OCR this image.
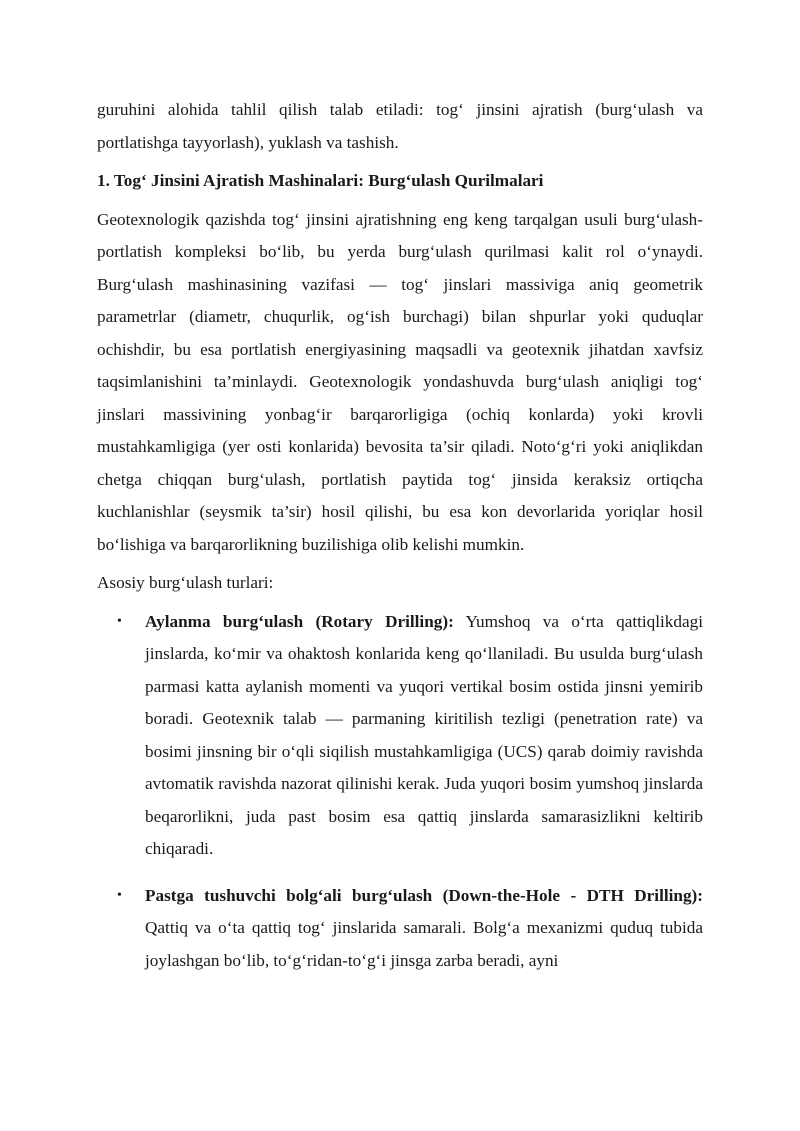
guruhini alohida tahlil qilish talab etiladi: tog‘ jinsini ajratish (burg‘ulash va portlatishga tayyorlash), yuklash va tashish.

1. Tog‘ Jinsini Ajratish Mashinalari: Burg‘ulash Qurilmalari

Geotexnologik qazishda tog‘ jinsini ajratishning eng keng tarqalgan usuli burg‘ulash-portlatish kompleksi bo‘lib, bu yerda burg‘ulash qurilmasi kalit rol o‘ynaydi. Burg‘ulash mashinasining vazifasi — tog‘ jinslari massiviga aniq geometrik parametrlar (diametr, chuqurlik, og‘ish burchagi) bilan shpurlar yoki quduqlar ochishdir, bu esa portlatish energiyasining maqsadli va geotexnik jihatdan xavfsiz taqsimlanishini ta’minlaydi. Geotexnologik yondashuvda burg‘ulash aniqligi tog‘ jinslari massivining yonbag‘ir barqarorligiga (ochiq konlarda) yoki krovli mustahkamligiga (yer osti konlarida) bevosita ta’sir qiladi. Noto‘g‘ri yoki aniqlikdan chetga chiqqan burg‘ulash, portlatish paytida tog‘ jinsida keraksiz ortiqcha kuchlanishlar (seysmik ta’sir) hosil qilishi, bu esa kon devorlarida yoriqlar hosil bo‘lishiga va barqarorlikning buzilishiga olib kelishi mumkin.

Asosiy burg‘ulash turlari:

• Aylanma burg‘ulash (Rotary Drilling): Yumshoq va o‘rta qattiqlikdagi jinslarda, ko‘mir va ohaktosh konlarida keng qo‘llaniladi. Bu usulda burg‘ulash parmasi katta aylanish momenti va yuqori vertikal bosim ostida jinsni yemirib boradi. Geotexnik talab — parmaning kiritilish tezligi (penetration rate) va bosimi jinsning bir o‘qli siqilish mustahkamligiga (UCS) qarab doimiy ravishda avtomatik ravishda nazorat qilinishi kerak. Juda yuqori bosim yumshoq jinslarda beqarorlikni, juda past bosim esa qattiq jinslarda samarasizlikni keltirib chiqaradi.
• Pastga tushuvchi bolg‘ali burg‘ulash (Down-the-Hole - DTH Drilling): Qattiq va o‘ta qattiq tog‘ jinslarida samarali. Bolg‘a mexanizmi quduq tubida joylashgan bo‘lib, to‘g‘ridan-to‘g‘i jinsga zarba beradi, ayni
